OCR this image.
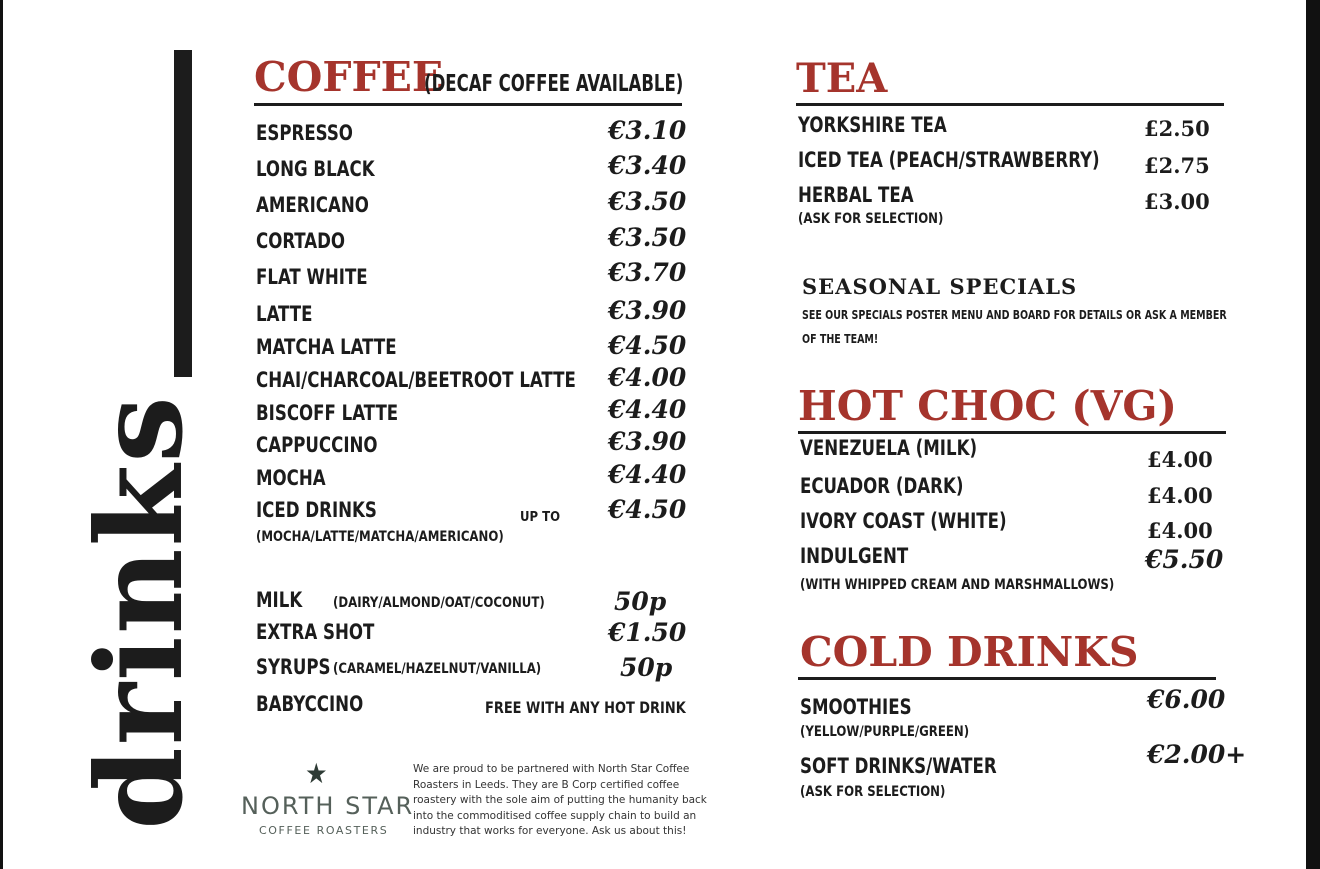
drinks
COFFEE
(DECAF COFFEE AVAILABLE)
ESPRESSO	€3.10
LONG BLACK	€3.40
AMERICANO	€3.50
CORTADO	€3.50
FLAT WHITE	€3.70
LATTE	€3.90
MATCHA LATTE	€4.50
CHAI/CHARCOAL/BEETROOT LATTE €4.00
BISCOFF LATTE	€4.40
CAPPUCCINO	€3.90
MOCHA	€4.40
ICED DRINKS	UP TO €4.50
(MOCHA/LATTE/MATCHA/AMERICANO)
MILK (DAIRY/ALMOND/OAT/COCONUT)	50p
EXTRA SHOT	€1.50
SYRUPS (CARAMEL/HAZELNUT/VANILLA)	50p
BABYCCINO	FREE WITH ANY HOT DRINK
★
NORTH STAR
COFFEE ROASTERS
We are proud to be partnered with North Star Coffee Roasters in Leeds. They are B Corp certified coffee roastery with the sole aim of putting the humanity back into the commoditised coffee supply chain to build an industry that works for everyone. Ask us about this!
TEA
YORKSHIRE TEA	£2.50
ICED TEA (PEACH/STRAWBERRY) £2.75
HERBAL TEA	£3.00
(ASK FOR SELECTION)
SEASONAL SPECIALS
SEE OUR SPECIALS POSTER MENU AND BOARD FOR DETAILS OR ASK A MEMBER
OF THE TEAM!
HOT CHOC (VG)
VENEZUELA (MILK)	£4.00
ECUADOR (DARK)	£4.00
IVORY COAST (WHITE)	£4.00
INDULGENT	€5.50
(WITH WHIPPED CREAM AND MARSHMALLOWS)
COLD DRINKS
SMOOTHIES	€6.00
(YELLOW/PURPLE/GREEN)
SOFT DRINKS/WATER	€2.00+
(ASK FOR SELECTION)
